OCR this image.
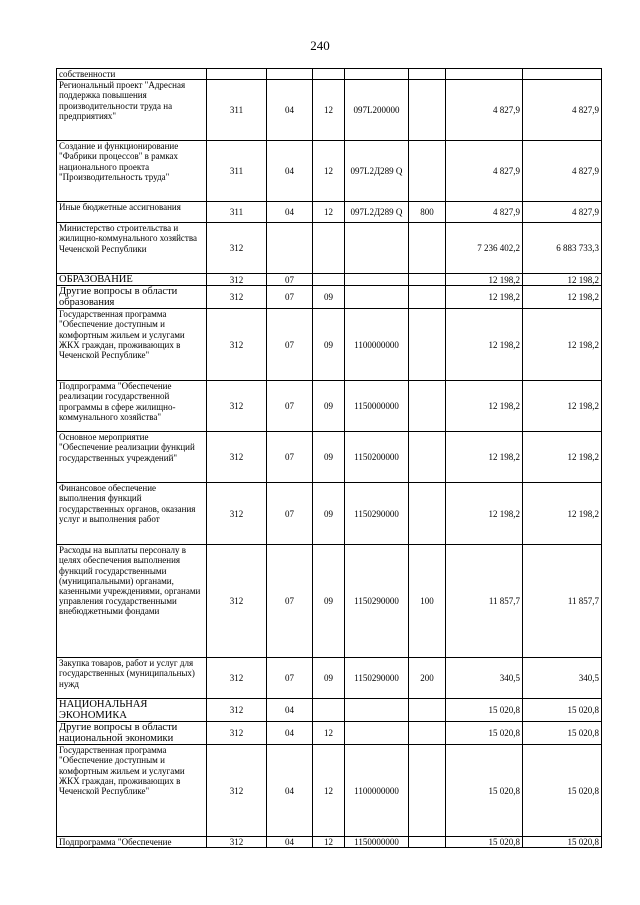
240
собственности							
Региональный проект "Адресная поддержка повышения производительности труда на предприятиях"	311	04	12	097L200000		4 827,9	4 827,9
Создание и функционирование "Фабрики процессов" в рамках национального проекта "Производительность труда"	311	04	12	097L2Д289 Q		4 827,9	4 827,9
Иные бюджетные ассигнования	311	04	12	097L2Д289 Q	800	4 827,9	4 827,9
Министерство строительства и жилищно-коммунального хозяйства Чеченской Республики	312					7 236 402,2	6 883 733,3
ОБРАЗОВАНИЕ	312	07				12 198,2	12 198,2
Другие вопросы в области образования	312	07	09			12 198,2	12 198,2
Государственная программа "Обеспечение доступным и комфортным жильем и услугами ЖКХ граждан, проживающих в Чеченской Республике"	312	07	09	1100000000		12 198,2	12 198,2
Подпрограмма "Обеспечение реализации государственной программы в сфере жилищно-коммунального хозяйства"	312	07	09	1150000000		12 198,2	12 198,2
Основное мероприятие "Обеспечение реализации функций государственных учреждений"	312	07	09	1150200000		12 198,2	12 198,2
Финансовое обеспечение выполнения функций государственных органов, оказания услуг и выполнения работ	312	07	09	1150290000		12 198,2	12 198,2
Расходы на выплаты персоналу в целях обеспечения выполнения функций государственными (муниципальными) органами, казенными учреждениями, органами управления государственными внебюджетными фондами	312	07	09	1150290000	100	11 857,7	11 857,7
Закупка товаров, работ и услуг для государственных (муниципальных) нужд	312	07	09	1150290000	200	340,5	340,5
НАЦИОНАЛЬНАЯ ЭКОНОМИКА	312	04				15 020,8	15 020,8
Другие вопросы в области национальной экономики	312	04	12			15 020,8	15 020,8
Государственная программа "Обеспечение доступным и комфортным жильем и услугами ЖКХ граждан, проживающих в Чеченской Республике"	312	04	12	1100000000		15 020,8	15 020,8
Подпрограмма "Обеспечение	312	04	12	1150000000		15 020,8	15 020,8
